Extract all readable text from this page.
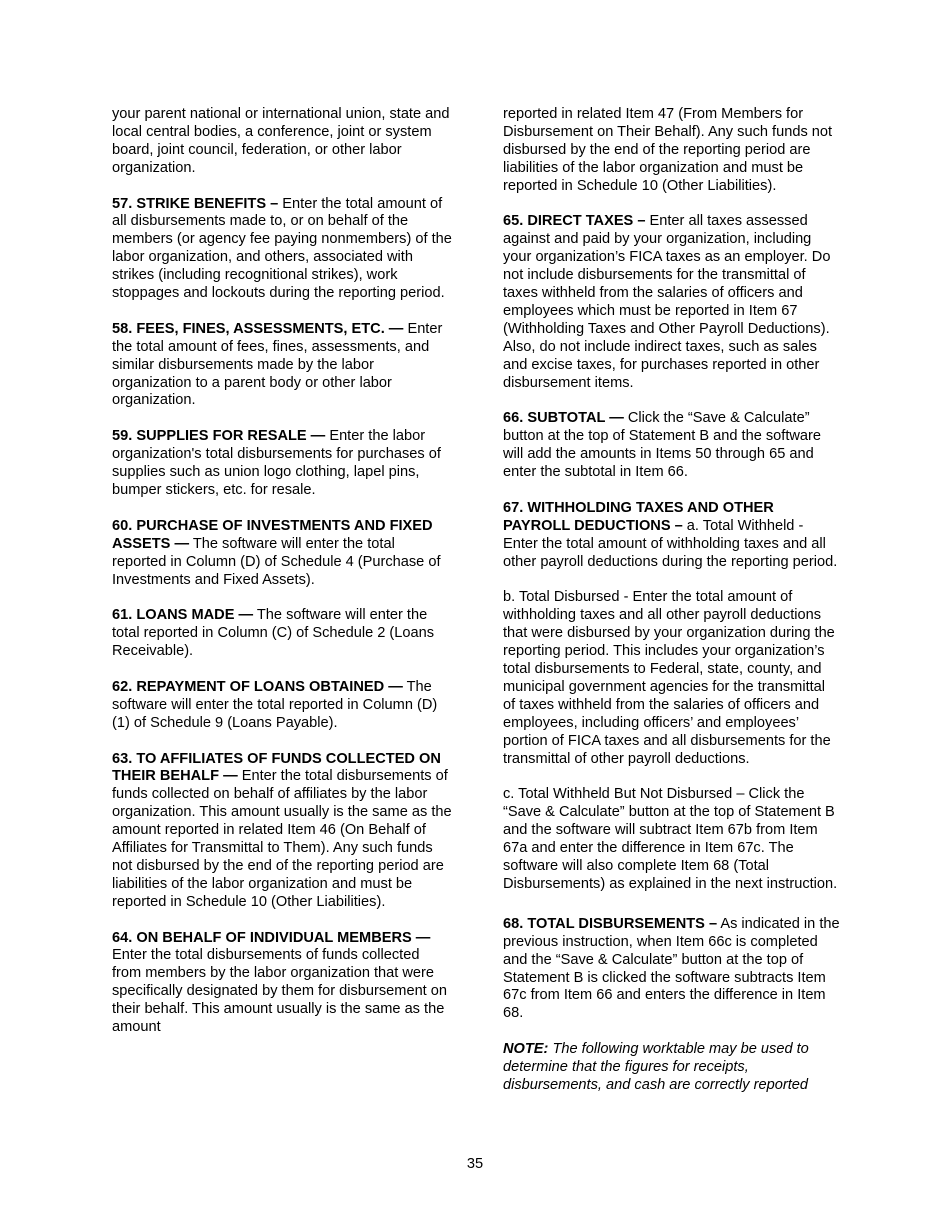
your parent national or international union, state and local central bodies, a conference, joint or system board, joint council, federation, or other labor organization.

57. STRIKE BENEFITS – Enter the total amount of all disbursements made to, or on behalf of the members (or agency fee paying nonmembers) of the labor organization, and others, associated with strikes (including recognitional strikes), work stoppages and lockouts during the reporting period.

58. FEES, FINES, ASSESSMENTS, ETC. — Enter the total amount of fees, fines, assessments, and similar disbursements made by the labor organization to a parent body or other labor organization.

59. SUPPLIES FOR RESALE — Enter the labor organization's total disbursements for purchases of supplies such as union logo clothing, lapel pins, bumper stickers, etc. for resale.

60. PURCHASE OF INVESTMENTS AND FIXED ASSETS — The software will enter the total reported in Column (D) of Schedule 4 (Purchase of Investments and Fixed Assets).

61. LOANS MADE — The software will enter the total reported in Column (C) of Schedule 2 (Loans Receivable).

62. REPAYMENT OF LOANS OBTAINED — The software will enter the total reported in Column (D)(1) of Schedule 9 (Loans Payable).

63. TO AFFILIATES OF FUNDS COLLECTED ON THEIR BEHALF — Enter the total disbursements of funds collected on behalf of affiliates by the labor organization. This amount usually is the same as the amount reported in related Item 46 (On Behalf of Affiliates for Transmittal to Them). Any such funds not disbursed by the end of the reporting period are liabilities of the labor organization and must be reported in Schedule 10 (Other Liabilities).

64. ON BEHALF OF INDIVIDUAL MEMBERS — Enter the total disbursements of funds collected from members by the labor organization that were specifically designated by them for disbursement on their behalf. This amount usually is the same as the amount

reported in related Item 47 (From Members for Disbursement on Their Behalf). Any such funds not disbursed by the end of the reporting period are liabilities of the labor organization and must be reported in Schedule 10 (Other Liabilities).

65. DIRECT TAXES – Enter all taxes assessed against and paid by your organization, including your organization’s FICA taxes as an employer. Do not include disbursements for the transmittal of taxes withheld from the salaries of officers and employees which must be reported in Item 67 (Withholding Taxes and Other Payroll Deductions). Also, do not include indirect taxes, such as sales and excise taxes, for purchases reported in other disbursement items.

66. SUBTOTAL — Click the “Save & Calculate” button at the top of Statement B and the software will add the amounts in Items 50 through 65 and enter the subtotal in Item 66.

67. WITHHOLDING TAXES AND OTHER PAYROLL DEDUCTIONS – a. Total Withheld - Enter the total amount of withholding taxes and all other payroll deductions during the reporting period.

b. Total Disbursed - Enter the total amount of withholding taxes and all other payroll deductions that were disbursed by your organization during the reporting period. This includes your organization’s total disbursements to Federal, state, county, and municipal government agencies for the transmittal of taxes withheld from the salaries of officers and employees, including officers’ and employees’ portion of FICA taxes and all disbursements for the transmittal of other payroll deductions.

c. Total Withheld But Not Disbursed – Click the “Save & Calculate” button at the top of Statement B and the software will subtract Item 67b from Item 67a and enter the difference in Item 67c. The software will also complete Item 68 (Total Disbursements) as explained in the next instruction.

68. TOTAL DISBURSEMENTS – As indicated in the previous instruction, when Item 66c is completed and the “Save & Calculate” button at the top of Statement B is clicked the software subtracts Item 67c from Item 66 and enters the difference in Item 68.

NOTE: The following worktable may be used to determine that the figures for receipts, disbursements, and cash are correctly reported

35
